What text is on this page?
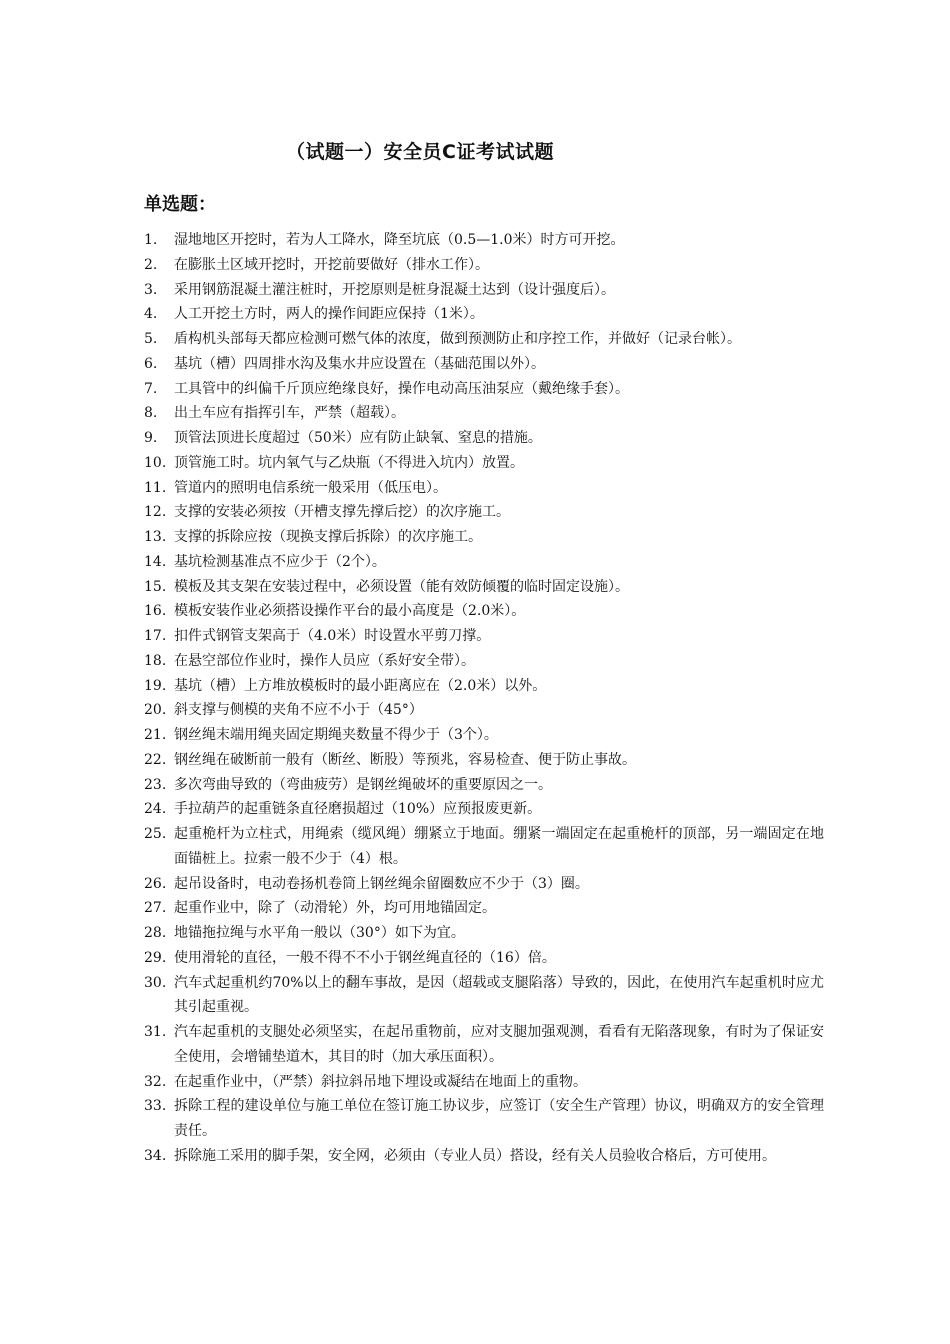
（试题一）安全员C证考试试题
单选题：
1.	湿地地区开挖时，若为人工降水，降至坑底（0.5—1.0米）时方可开挖。
2.	在膨胀土区域开挖时，开挖前要做好（排水工作）。
3.	采用钢筋混凝土灌注桩时，开挖原则是桩身混凝土达到（设计强度后）。
4.	人工开挖土方时，两人的操作间距应保持（1米）。
5.	盾构机头部每天都应检测可燃气体的浓度，做到预测防止和序控工作，并做好（记录台帐）。
6.	基坑（槽）四周排水沟及集水井应设置在（基础范围以外）。
7.	工具管中的纠偏千斤顶应绝缘良好，操作电动高压油泵应（戴绝缘手套）。
8.	出土车应有指挥引车，严禁（超载）。
9.	顶管法顶进长度超过（50米）应有防止缺氧、窒息的措施。
10. 顶管施工时。坑内氧气与乙炔瓶（不得进入坑内）放置。
11. 管道内的照明电信系统一般采用（低压电）。
12. 支撑的安装必须按（开槽支撑先撑后挖）的次序施工。
13. 支撑的拆除应按（现换支撑后拆除）的次序施工。
14. 基坑检测基准点不应少于（2个）。
15. 模板及其支架在安装过程中，必须设置（能有效防倾覆的临时固定设施）。
16. 模板安装作业必须搭设操作平台的最小高度是（2.0米）。
17. 扣件式钢管支架高于（4.0米）时设置水平剪刀撑。
18. 在悬空部位作业时，操作人员应（系好安全带）。
19. 基坑（槽）上方堆放模板时的最小距离应在（2.0米）以外。
20. 斜支撑与侧模的夹角不应不小于（45°）
21. 钢丝绳末端用绳夹固定期绳夹数量不得少于（3个）。
22. 钢丝绳在破断前一般有（断丝、断股）等预兆，容易检查、便于防止事故。
23. 多次弯曲导致的（弯曲疲劳）是钢丝绳破坏的重要原因之一。
24. 手拉葫芦的起重链条直径磨损超过（10%）应预报废更新。
25. 起重桅杆为立柱式，用绳索（缆风绳）绷紧立于地面。绷紧一端固定在起重桅杆的顶部，另一端固定在地面锚桩上。拉索一般不少于（4）根。
26. 起吊设备时，电动卷扬机卷筒上钢丝绳余留圈数应不少于（3）圈。
27. 起重作业中，除了（动滑轮）外，均可用地锚固定。
28. 地锚拖拉绳与水平角一般以（30°）如下为宜。
29. 使用滑轮的直径，一般不得不不小于钢丝绳直径的（16）倍。
30. 汽车式起重机约70%以上的翻车事故，是因（超载或支腿陷落）导致的，因此，在使用汽车起重机时应尤其引起重视。
31. 汽车起重机的支腿处必须坚实，在起吊重物前，应对支腿加强观测，看看有无陷落现象，有时为了保证安全使用，会增铺垫道木，其目的时（加大承压面积）。
32. 在起重作业中，（严禁）斜拉斜吊地下埋设或凝结在地面上的重物。
33. 拆除工程的建设单位与施工单位在签订施工协议步，应签订（安全生产管理）协议，明确双方的安全管理责任。
34. 拆除施工采用的脚手架，安全网，必须由（专业人员）搭设，经有关人员验收合格后，方可使用。
